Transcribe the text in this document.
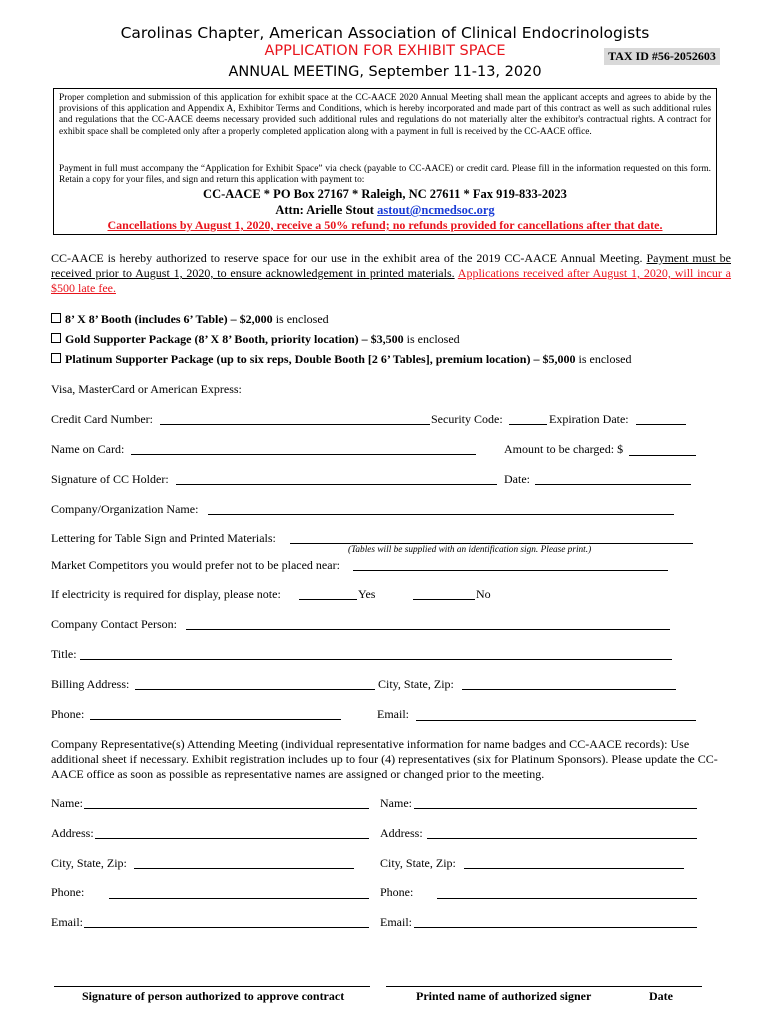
Carolinas Chapter, American Association of Clinical Endocrinologists
APPLICATION FOR EXHIBIT SPACE
ANNUAL MEETING, September 11-13, 2020
TAX ID #56-2052603
Proper completion and submission of this application for exhibit space at the CC-AACE 2020 Annual Meeting shall mean the applicant accepts and agrees to abide by the provisions of this application and Appendix A, Exhibitor Terms and Conditions, which is hereby incorporated and made part of this contract as well as such additional rules and regulations that the CC-AACE deems necessary provided such additional rules and regulations do not materially alter the exhibitor's contractual rights. A contract for exhibit space shall be completed only after a properly completed application along with a payment in full is received by the CC-AACE office.
Payment in full must accompany the “Application for Exhibit Space” via check (payable to CC-AACE) or credit card. Please fill in the information requested on this form. Retain a copy for your files, and sign and return this application with payment to:
CC-AACE * PO Box 27167 * Raleigh, NC 27611 * Fax 919-833-2023
Attn: Arielle Stout astout@ncmedsoc.org
Cancellations by August 1, 2020, receive a 50% refund; no refunds provided for cancellations after that date.
CC-AACE is hereby authorized to reserve space for our use in the exhibit area of the 2019 CC-AACE Annual Meeting. Payment must be received prior to August 1, 2020, to ensure acknowledgement in printed materials. Applications received after August 1, 2020, will incur a $500 late fee.
8’ X 8’ Booth (includes 6’ Table) – $2,000 is enclosed
Gold Supporter Package (8’ X 8’ Booth, priority location) – $3,500 is enclosed
Platinum Supporter Package (up to six reps, Double Booth [2 6’ Tables], premium location) – $5,000 is enclosed
Visa, MasterCard or American Express:
Credit Card Number:	Security Code:	Expiration Date:
Name on Card:	Amount to be charged: $
Signature of CC Holder:	Date:
Company/Organization Name:
Lettering for Table Sign and Printed Materials:
(Tables will be supplied with an identification sign. Please print.)
Market Competitors you would prefer not to be placed near:
If electricity is required for display, please note:	Yes	No
Company Contact Person:
Title:
Billing Address:	City, State, Zip:
Phone:	Email:
Company Representative(s) Attending Meeting (individual representative information for name badges and CC-AACE records): Use additional sheet if necessary. Exhibit registration includes up to four (4) representatives (six for Platinum Sponsors). Please update the CC-AACE office as soon as possible as representative names are assigned or changed prior to the meeting.
Name:	Name:
Address:	Address:
City, State, Zip:	City, State, Zip:
Phone:	Phone:
Email:	Email:
Signature of person authorized to approve contract	Printed name of authorized signer	Date
